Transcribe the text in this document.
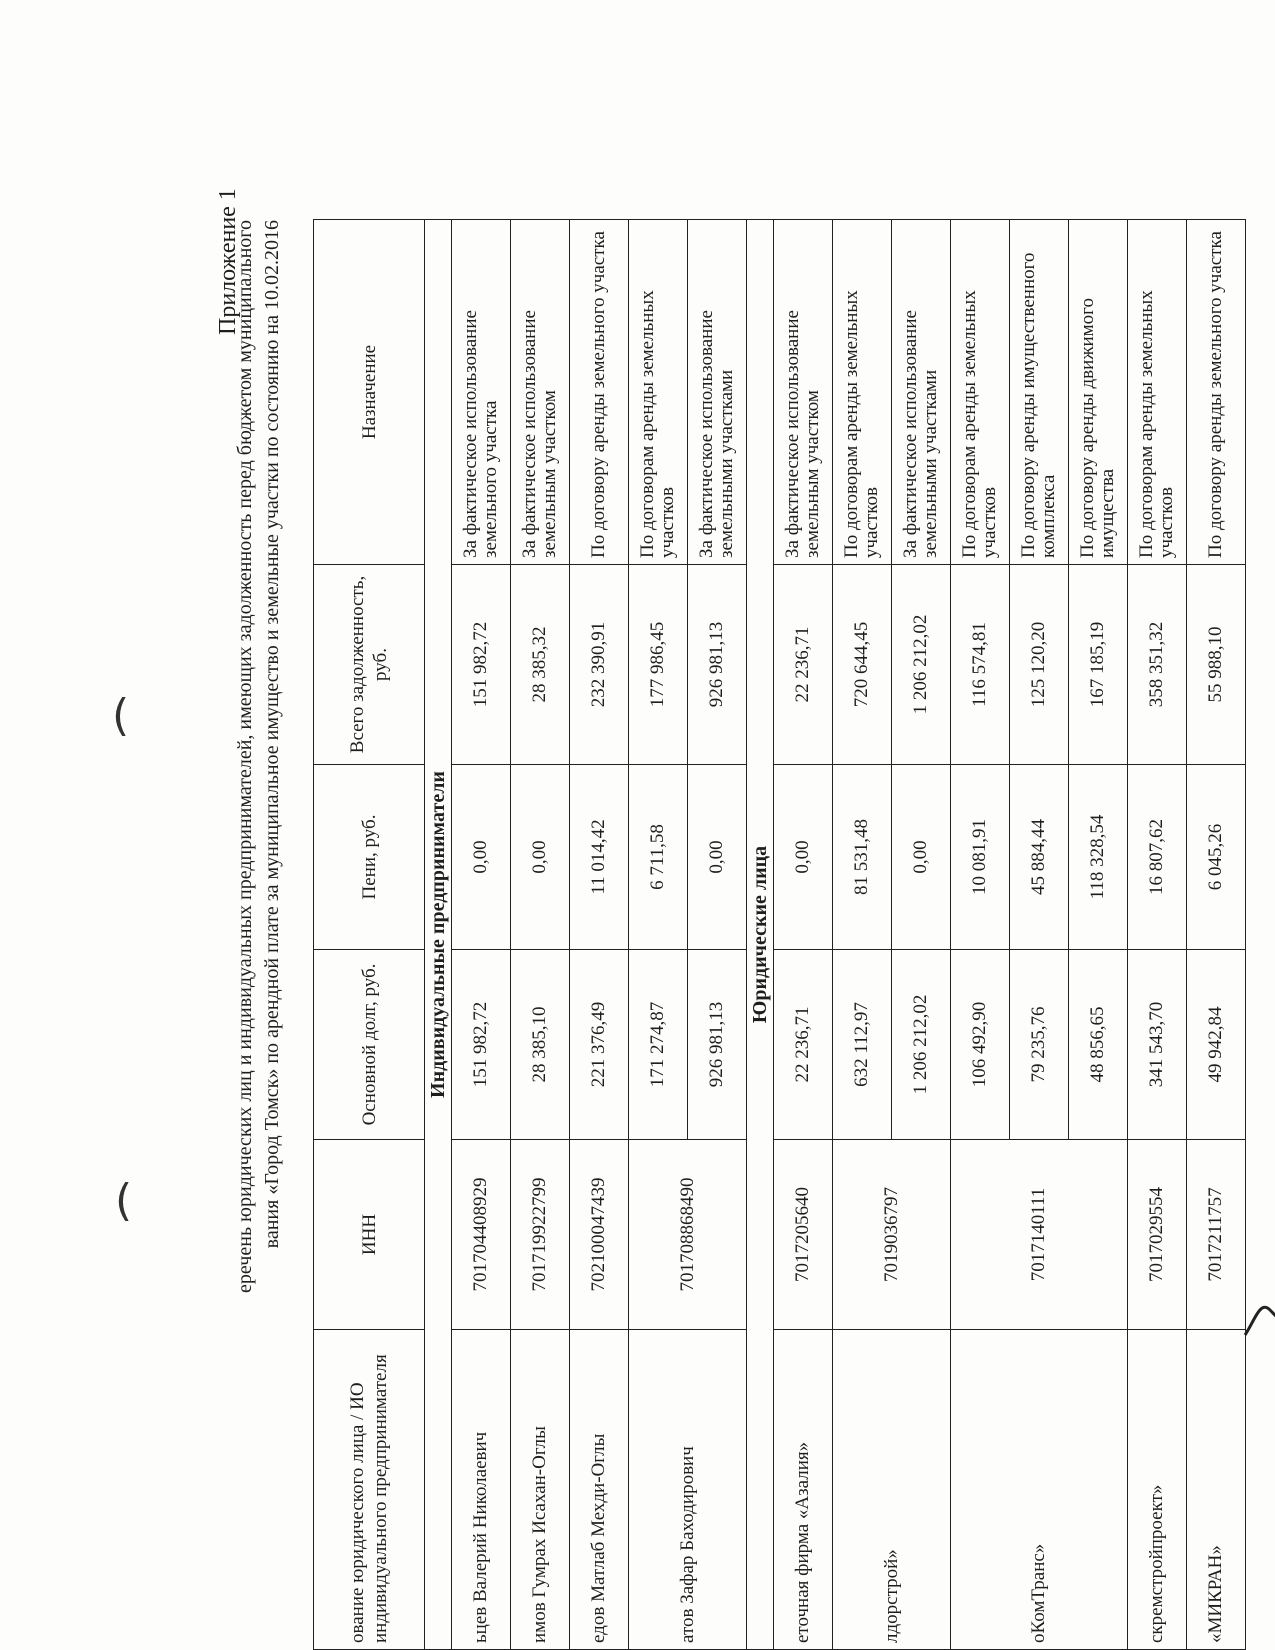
Приложение 1
еречень юридических лиц и индивидуальных предпринимателей, имеющих задолженность перед бюджетом муниципального вания «Город Томск» по арендной плате за муниципальное имущество и земельные участки по состоянию на 10.02.2016
ование юридического лица / ИО индивидуального предпринимателя	ИНН	Основной долг, руб.	Пени, руб.	Всего задолженность, руб.	Назначение
Индивидуальные предприниматели					
ьцев Валерий Николаевич	701704408929	151 982,72	0,00	151 982,72	За фактическое использование земельного участка
имов Гумрах Исахан-Оглы	701719922799	28 385,10	0,00	28 385,32	За фактическое использование земельным участком
едов Матлаб Мехди-Оглы	702100047439	221 376,49	11 014,42	232 390,91	По договору аренды земельного участка
атов Зафар Баходирович	701708868490	171 274,87	6 711,58	177 986,45	По договорам аренды земельных участков
		926 981,13	0,00	926 981,13	За фактическое использование земельными участками
Юридические лица					
еточная фирма «Азалия»	7017205640	22 236,71	0,00	22 236,71	За фактическое использование земельным участком
лдорстрой»	7019036797	632 112,97	81 531,48	720 644,45	По договорам аренды земельных участков
		1 206 212,02	0,00	1 206 212,02	За фактическое использование земельными участками
оКомТранс»	7017140111	106 492,90	10 081,91	116 574,81	По договорам аренды земельных участков
		79 235,76	45 884,44	125 120,20	По договору аренды имущественного комплекса
		48 856,65	118 328,54	167 185,19	По договору аренды движимого имущества
скремстройпроект»	7017029554	341 543,70	16 807,62	358 351,32	По договорам аренды земельных участков
«МИКРАН»	7017211757	49 942,84	6 045,26	55 988,10	По договору аренды земельного участка
(
(
